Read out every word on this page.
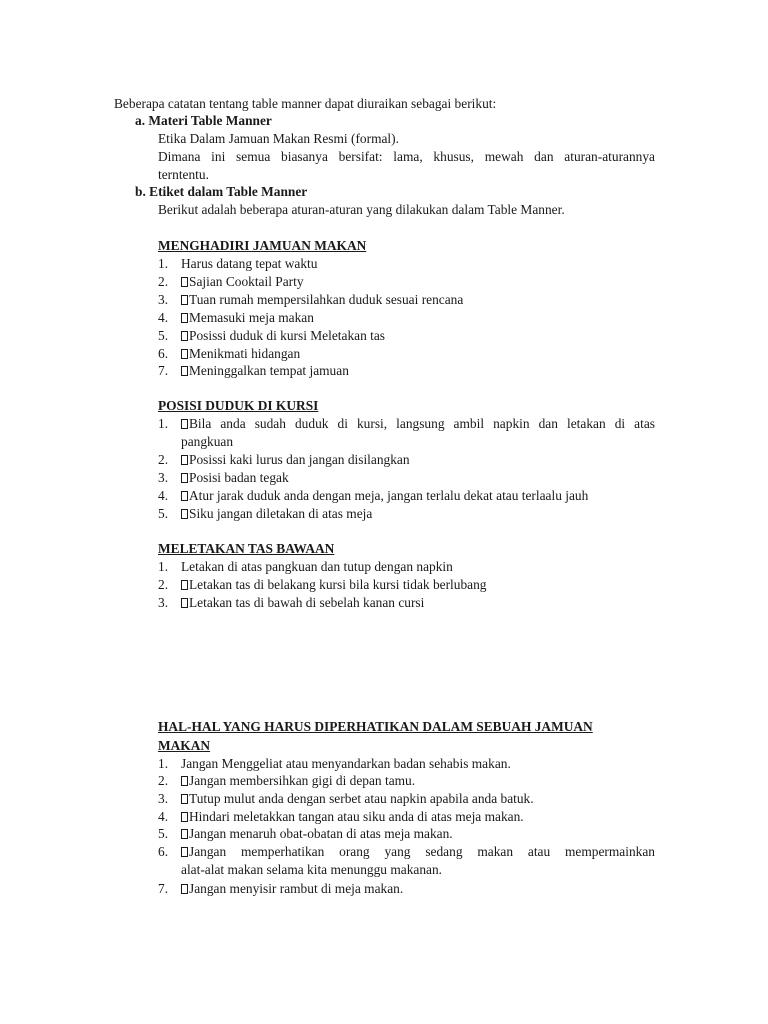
Beberapa catatan tentang table manner dapat diuraikan sebagai berikut:
a. Materi Table Manner
Etika Dalam Jamuan Makan Resmi (formal).
Dimana ini semua biasanya bersifat: lama, khusus, mewah dan aturan-aturannya
terntentu.
b. Etiket dalam Table Manner
Berikut adalah beberapa aturan-aturan yang dilakukan dalam Table Manner.
MENGHADIRI JAMUAN MAKAN
1. Harus datang tepat waktu
2. Sajian Cooktail Party
3. Tuan rumah mempersilahkan duduk sesuai rencana
4. Memasuki meja makan
5. Posissi duduk di kursi Meletakan tas
6. Menikmati hidangan
7. Meninggalkan tempat jamuan
POSISI DUDUK DI KURSI
1.
2. Posissi kaki lurus dan jangan disilangkan
3. Posisi badan tegak
4. Atur jarak duduk anda dengan meja, jangan terlalu dekat atau terlaalu jauh
5. Siku jangan diletakan di atas meja
Bila anda sudah duduk di kursi, langsung ambil napkin dan letakan di atas
pangkuan
MELETAKAN TAS BAWAAN
1. Letakan di atas pangkuan dan tutup dengan napkin
2. Letakan tas di belakang kursi bila kursi tidak berlubang
3. Letakan tas di bawah di sebelah kanan cursi
HAL-HAL YANG HARUS DIPERHATIKAN DALAM SEBUAH JAMUAN
MAKAN
1. Jangan Menggeliat atau menyandarkan badan sehabis makan.
2. Jangan membersihkan gigi di depan tamu.
3. Tutup mulut anda dengan serbet atau napkin apabila anda batuk.
4. Hindari meletakkan tangan atau siku anda di atas meja makan.
5. Jangan menaruh obat-obatan di atas meja makan.
6.
7. Jangan menyisir rambut di meja makan.
Jangan memperhatikan orang yang sedang makan atau mempermainkan
alat-alat makan selama kita menunggu makanan.
